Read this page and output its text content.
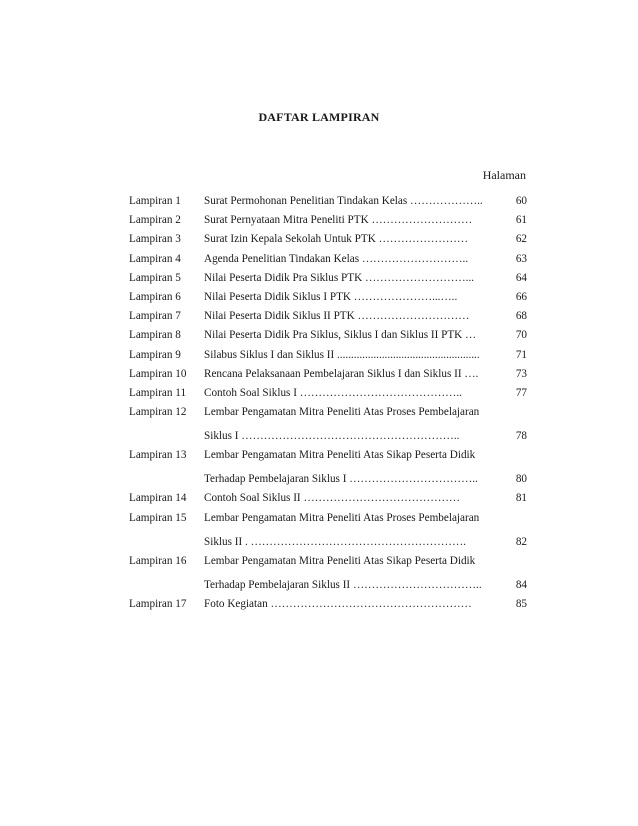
DAFTAR LAMPIRAN
Halaman
Lampiran 1 Surat Permohonan Penelitian Tindakan Kelas ………………..	60
Lampiran 2 Surat Pernyataan Mitra Peneliti PTK ………………………	61
Lampiran 3 Surat Izin Kepala Sekolah Untuk PTK ……………………	62
Lampiran 4 Agenda Penelitian Tindakan Kelas ………………………..	63
Lampiran 5 Nilai Peserta Didik Pra Siklus PTK ………………………...	64
Lampiran 6 Nilai Peserta Didik Siklus I PTK …………………...…..	66
Lampiran 7 Nilai Peserta Didik Siklus II PTK …………………………	68
Lampiran 8 Nilai Peserta Didik Pra Siklus, Siklus I dan Siklus II PTK …	70
Lampiran 9 Silabus Siklus I dan Siklus II ...................................................	71
Lampiran 10 Rencana Pelaksanaan Pembelajaran Siklus I dan Siklus II ….	73
Lampiran 11 Contoh Soal Siklus I ……………………………………..	77
Lampiran 12 Lembar Pengamatan Mitra Peneliti Atas Proses Pembelajaran
Siklus I …………………………………………………..	78
Lampiran 13 Lembar Pengamatan Mitra Peneliti Atas Sikap Peserta Didik
Terhadap Pembelajaran Siklus I ……………………………..	80
Lampiran 14 Contoh Soal Siklus II ……………………………………	81
Lampiran 15 Lembar Pengamatan Mitra Peneliti Atas Proses Pembelajaran
Siklus II . ………………………………………………….	82
Lampiran 16 Lembar Pengamatan Mitra Peneliti Atas Sikap Peserta Didik
Terhadap Pembelajaran Siklus II ……………………………..	84
Lampiran 17 Foto Kegiatan ………………………………………………	85
